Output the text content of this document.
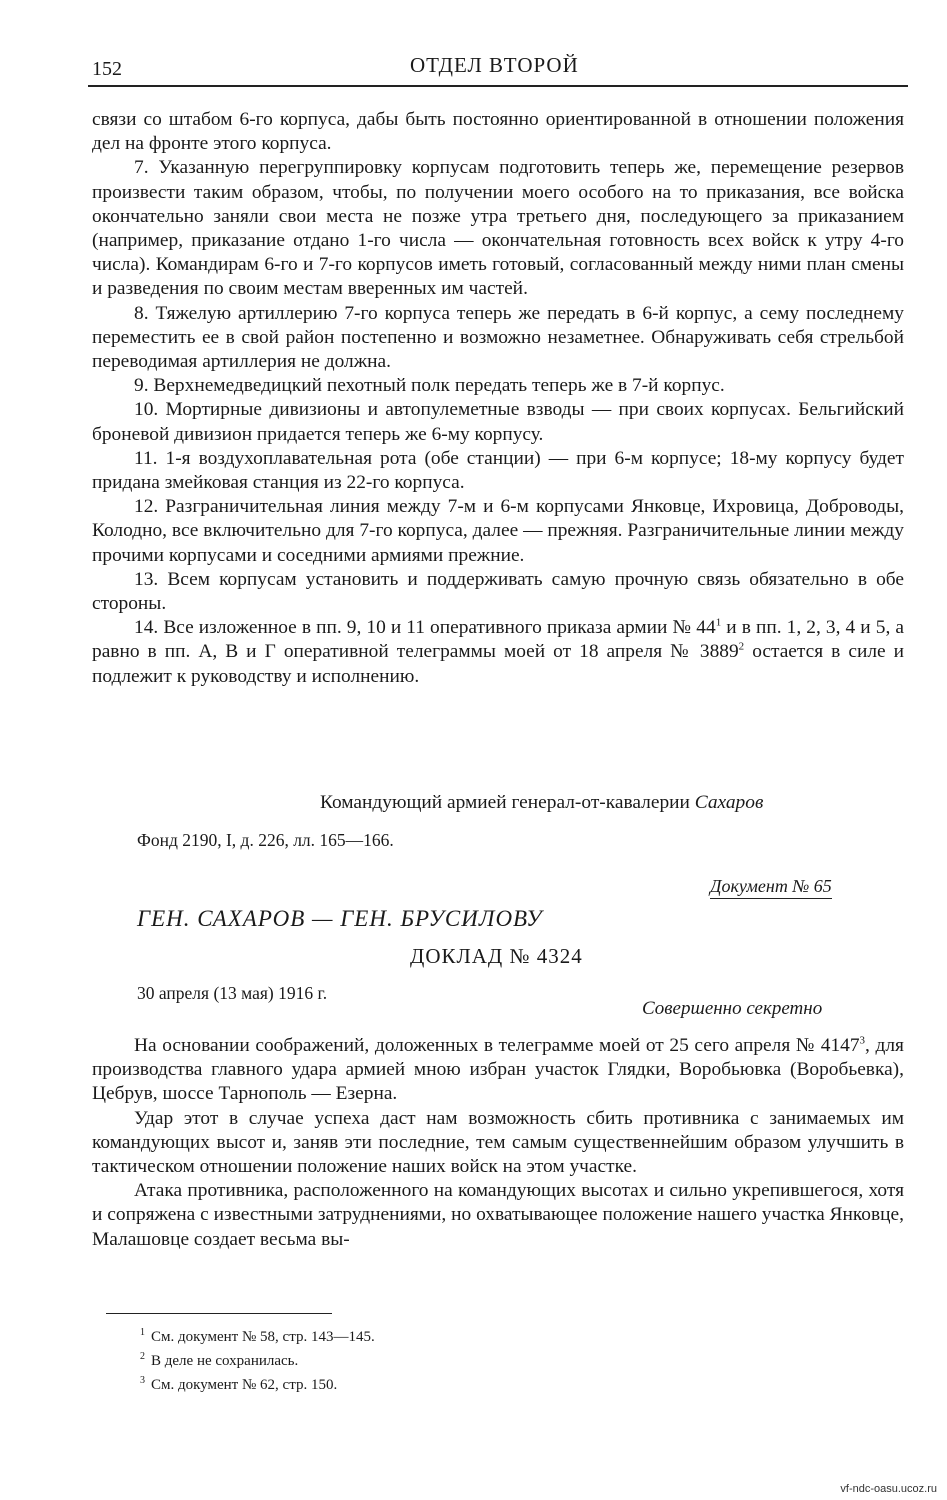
152	ОТДЕЛ ВТОРОЙ

связи со штабом 6-го корпуса, дабы быть постоянно ориентированной в отношении положения дел на фронте этого корпуса.

7. Указанную перегруппировку корпусам подготовить теперь же, перемещение резервов произвести таким образом, чтобы, по получении моего особого на то приказания, все войска окончательно заняли свои места не позже утра третьего дня, последующего за приказанием (например, приказание отдано 1-го числа — окончательная готовность всех войск к утру 4-го числа). Командирам 6-го и 7-го корпусов иметь готовый, согласованный между ними план смены и разведения по своим местам вверенных им частей.

8. Тяжелую артиллерию 7-го корпуса теперь же передать в 6-й корпус, а сему последнему переместить ее в свой район постепенно и возможно незаметнее. Обнаруживать себя стрельбой переводимая артиллерия не должна.

9. Верхнемедведицкий пехотный полк передать теперь же в 7-й корпус.

10. Мортирные дивизионы и автопулеметные взводы — при своих корпусах. Бельгийский броневой дивизион придается теперь же 6-му корпусу.

11. 1-я воздухоплавательная рота (обе станции) — при 6-м корпусе; 18-му корпусу будет придана змейковая станция из 22-го корпуса.

12. Разграничительная линия между 7-м и 6-м корпусами Янковце, Ихровица, Доброводы, Колодно, все включительно для 7-го корпуса, далее — прежняя. Разграничительные линии между прочими корпусами и соседними армиями прежние.

13. Всем корпусам установить и поддерживать самую прочную связь обязательно в обе стороны.

14. Все изложенное в пп. 9, 10 и 11 оперативного приказа армии № $44^1$ и в пп. 1, 2, 3, 4 и 5, а равно в пп. А, В и Г оперативной телеграммы моей от 18 апреля № 3889$^2$ остается в силе и подлежит к руководству и исполнению.

Командующий армией генерал-от-кавалерии Сахаров
Фонд 2190, I, д. 226, лл. 165—166.
Документ № 65
ГЕН. САХАРОВ — ГЕН. БРУСИЛОВУ
ДОКЛАД № 4324
30 апреля (13 мая) 1916 г.
Совершенно секретно

На основании соображений, доложенных в телеграмме моей от 25 сего апреля № 4147$^3$, для производства главного удара армией мною избран участок Глядки, Воробьювка (Воробьевка), Цебрув, шоссе Тарнополь — Езерна.

Удар этот в случае успеха даст нам возможность сбить противника с занимаемых им командующих высот и, заняв эти последние, тем самым существеннейшим образом улучшить в тактическом отношении положение наших войск на этом участке.

Атака противника, расположенного на командующих высотах и сильно укрепившегося, хотя и сопряжена с известными затруднениями, но охватывающее положение нашего участка Янковце, Малашовце создает весьма вы-

$^1$ См. документ № 58, стр. 143—145.
$^2$ В деле не сохранилась.
$^3$ См. документ № 62, стр. 150.
vf-ndc-oasu.ucoz.ru
